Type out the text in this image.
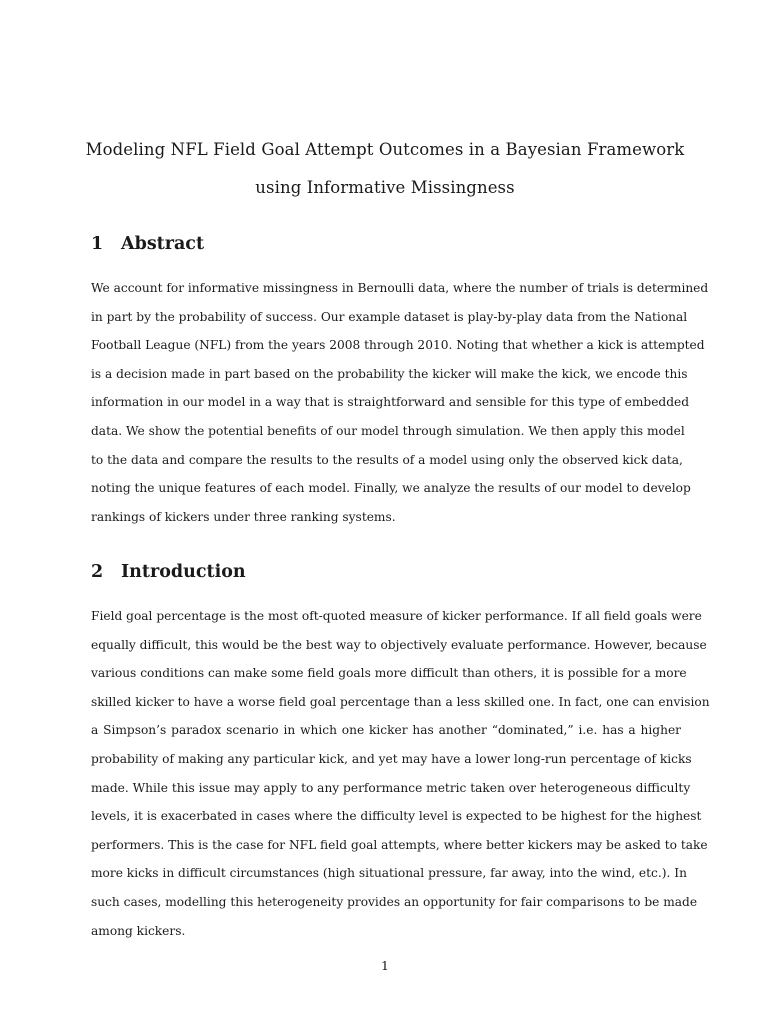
Modeling NFL Field Goal Attempt Outcomes in a Bayesian Framework
using Informative Missingness
1 Abstract
We account for informative missingness in Bernoulli data, where the number of trials is determined
in part by the probability of success. Our example dataset is play-by-play data from the National
Football League (NFL) from the years 2008 through 2010. Noting that whether a kick is attempted
is a decision made in part based on the probability the kicker will make the kick, we encode this
information in our model in a way that is straightforward and sensible for this type of embedded
data. We show the potential benefits of our model through simulation. We then apply this model
to the data and compare the results to the results of a model using only the observed kick data,
noting the unique features of each model. Finally, we analyze the results of our model to develop
rankings of kickers under three ranking systems.
2 Introduction
Field goal percentage is the most oft-quoted measure of kicker performance. If all field goals were
equally difficult, this would be the best way to objectively evaluate performance. However, because
various conditions can make some field goals more difficult than others, it is possible for a more
skilled kicker to have a worse field goal percentage than a less skilled one. In fact, one can envision
a Simpson’s paradox scenario in which one kicker has another “dominated,” i.e. has a higher
probability of making any particular kick, and yet may have a lower long-run percentage of kicks
made. While this issue may apply to any performance metric taken over heterogeneous difficulty
levels, it is exacerbated in cases where the difficulty level is expected to be highest for the highest
performers. This is the case for NFL field goal attempts, where better kickers may be asked to take
more kicks in difficult circumstances (high situational pressure, far away, into the wind, etc.). In
such cases, modelling this heterogeneity provides an opportunity for fair comparisons to be made
among kickers.
1
